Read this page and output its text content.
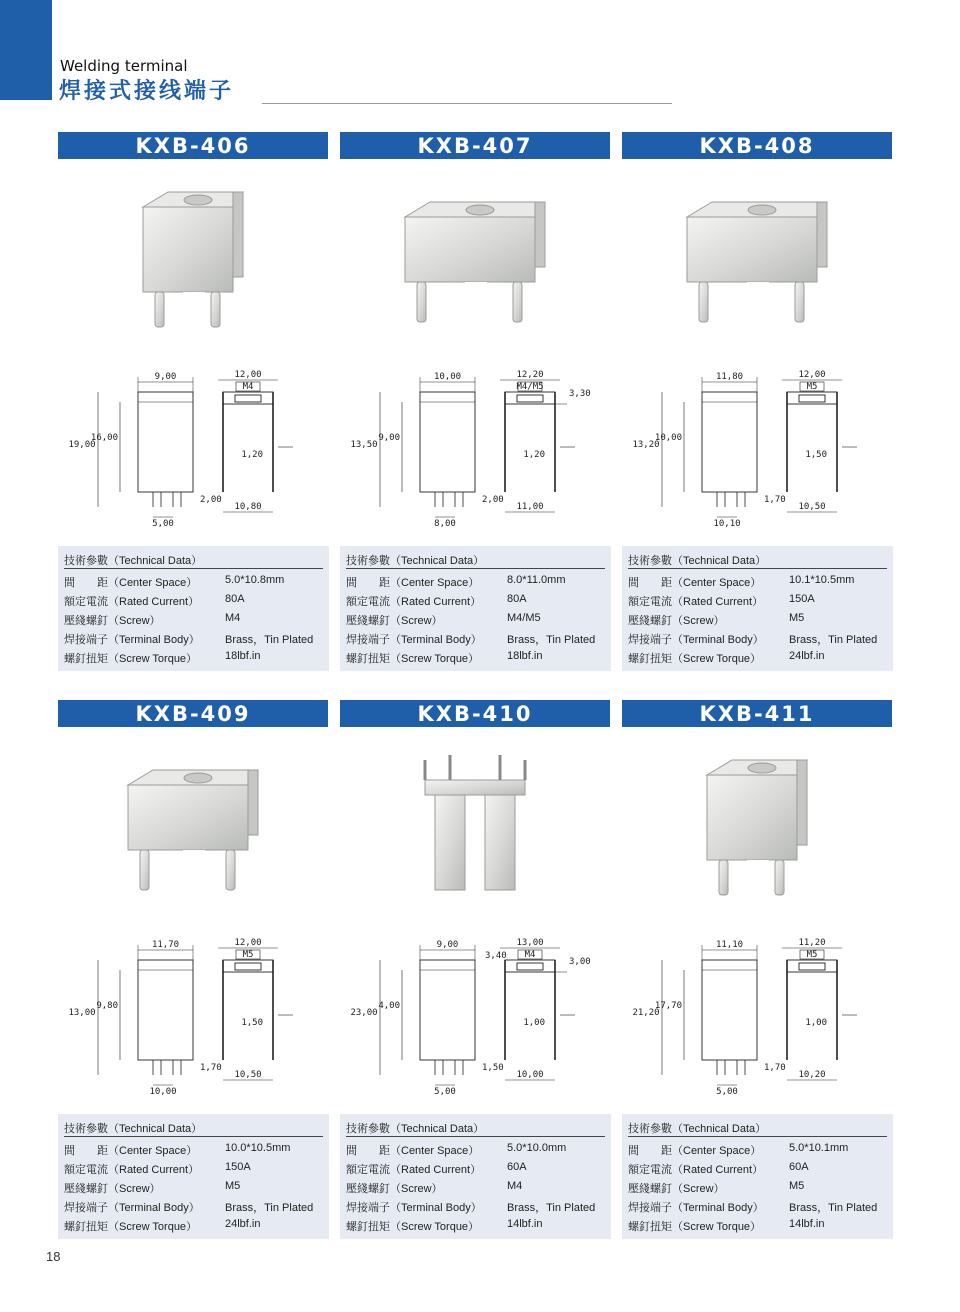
Welding terminal
焊接式接线端子
KXB-406
9,00
19,00
16,00
5,00
2,00
12,00
M4
1,20
10,80
技術參數（Technical Data）
間　　距（Center Space）	5.0*10.8mm
額定電流（Rated Current） 80A
壓綫螺釘（Screw）	M4
焊接端子（Terminal Body） Brass，Tin Plated
螺釘扭矩（Screw Torque）	18lbf.in
KXB-407
10,00
13,50
9,00
8,00
2,00
12,20
M4/M5
3,30
1,20
11,00
技術參數（Technical Data）
間　　距（Center Space）	8.0*11.0mm
額定電流（Rated Current） 80A
壓綫螺釘（Screw）	M4/M5
焊接端子（Terminal Body） Brass，Tin Plated
螺釘扭矩（Screw Torque）	18lbf.in
KXB-408
11,80
13,20
10,00
10,10
1,70
12,00
M5
1,50
10,50
技術參數（Technical Data）
間　　距（Center Space）	10.1*10.5mm
額定電流（Rated Current） 150A
壓綫螺釘（Screw）	M5
焊接端子（Terminal Body） Brass，Tin Plated
螺釘扭矩（Screw Torque）	24lbf.in
KXB-409
11,70
13,00
9,80
10,00
1,70
12,00
M5
1,50
10,50
技術參數（Technical Data）
間　　距（Center Space）	10.0*10.5mm
額定電流（Rated Current） 150A
壓綫螺釘（Screw）	M5
焊接端子（Terminal Body） Brass，Tin Plated
螺釘扭矩（Screw Torque）	24lbf.in
KXB-410
9,00
23,00
4,00
5,00
1,50
3,40
13,00
M4
3,00
1,00
10,00
技術參數（Technical Data）
間　　距（Center Space）	5.0*10.0mm
額定電流（Rated Current） 60A
壓綫螺釘（Screw）	M4
焊接端子（Terminal Body） Brass，Tin Plated
螺釘扭矩（Screw Torque）	14lbf.in
KXB-411
11,10
21,20
17,70
5,00
1,70
11,20
M5
1,00
10,20
技術參數（Technical Data）
間　　距（Center Space）	5.0*10.1mm
額定電流（Rated Current） 60A
壓綫螺釘（Screw）	M5
焊接端子（Terminal Body） Brass，Tin Plated
螺釘扭矩（Screw Torque）	14lbf.in
18
